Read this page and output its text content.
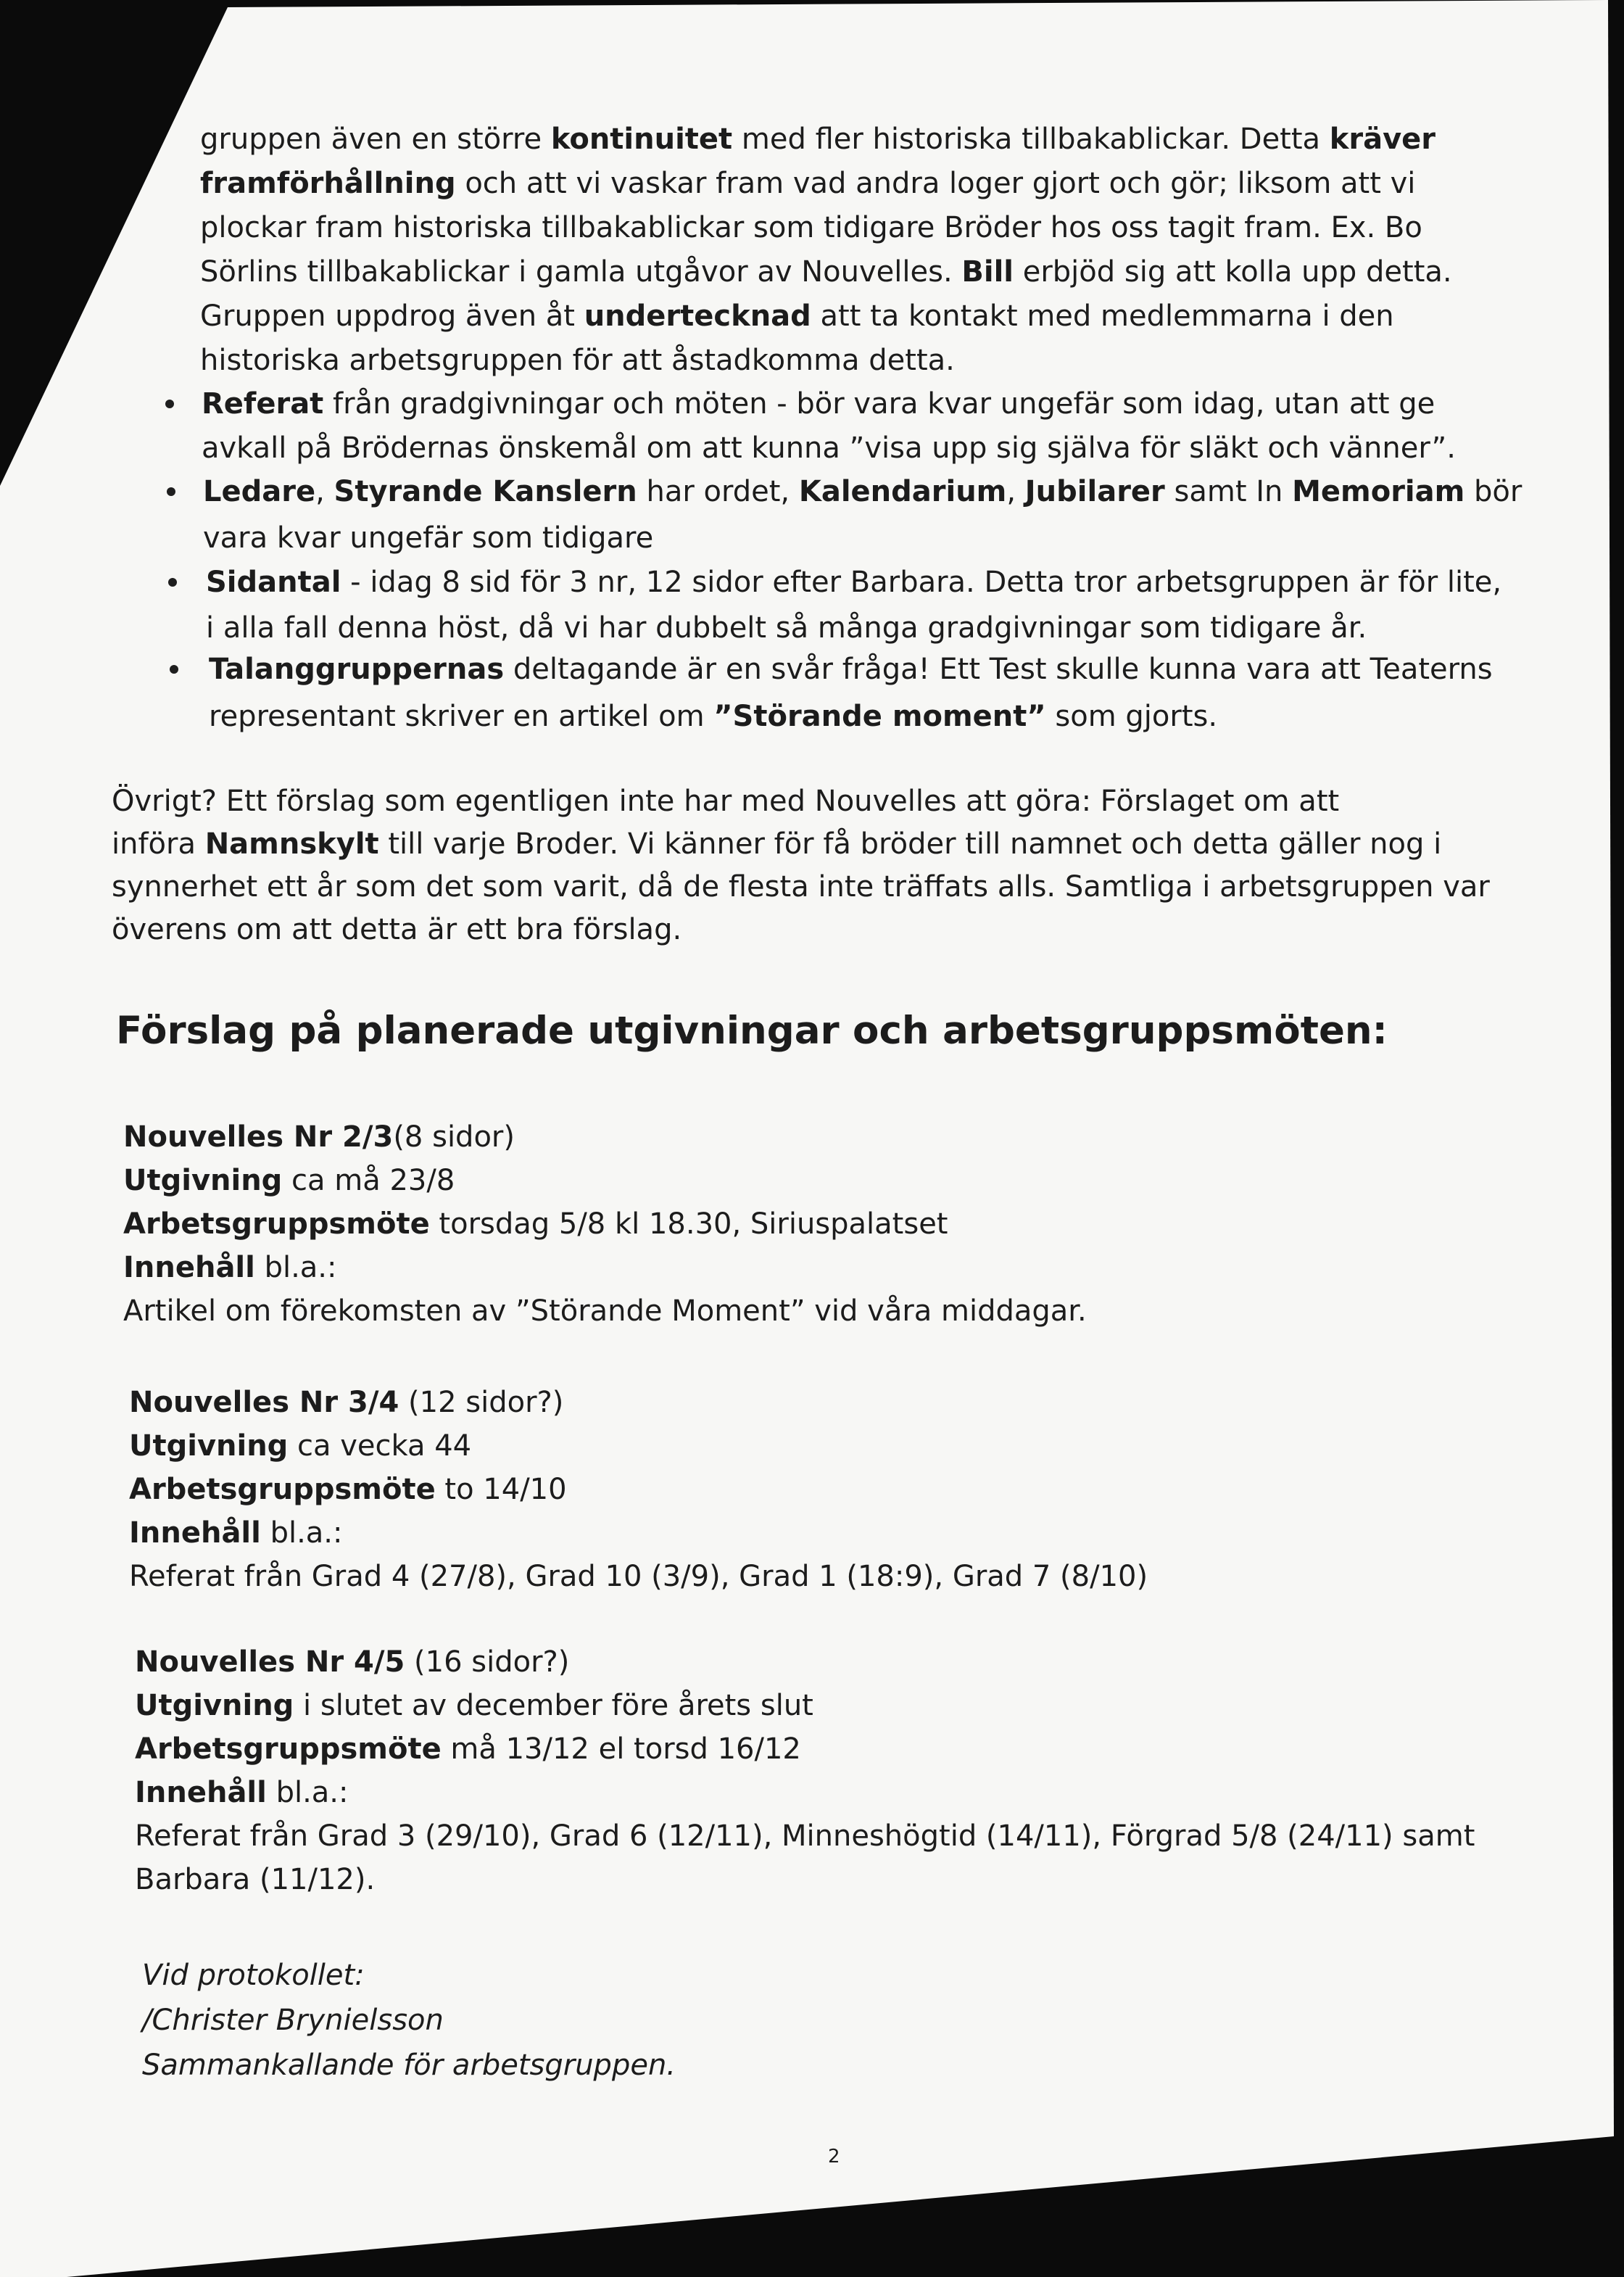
gruppen även en större kontinuitet med fler historiska tillbakablickar. Detta kräver
framförhållning och att vi vaskar fram vad andra loger gjort och gör; liksom att vi
plockar fram historiska tillbakablickar som tidigare Bröder hos oss tagit fram. Ex. Bo
Sörlins tillbakablickar i gamla utgåvor av Nouvelles. Bill erbjöd sig att kolla upp detta.
Gruppen uppdrog även åt undertecknad att ta kontakt med medlemmarna i den
historiska arbetsgruppen för att åstadkomma detta.
Referat från gradgivningar och möten - bör vara kvar ungefär som idag, utan att ge
avkall på Brödernas önskemål om att kunna ”visa upp sig själva för släkt och vänner”.
Ledare, Styrande Kanslern har ordet, Kalendarium, Jubilarer samt In Memoriam bör
vara kvar ungefär som tidigare
Sidantal - idag 8 sid för 3 nr, 12 sidor efter Barbara. Detta tror arbetsgruppen är för lite,
i alla fall denna höst, då vi har dubbelt så många gradgivningar som tidigare år.
Talanggruppernas deltagande är en svår fråga! Ett Test skulle kunna vara att Teaterns
representant skriver en artikel om ”Störande moment” som gjorts.
Övrigt? Ett förslag som egentligen inte har med Nouvelles att göra: Förslaget om att
införa Namnskylt till varje Broder. Vi känner för få bröder till namnet och detta gäller nog i
synnerhet ett år som det som varit, då de flesta inte träffats alls. Samtliga i arbetsgruppen var
överens om att detta är ett bra förslag.
Förslag på planerade utgivningar och arbetsgruppsmöten:
Nouvelles Nr 2/3(8 sidor)
Utgivning ca må 23/8
Arbetsgruppsmöte torsdag 5/8 kl 18.30, Siriuspalatset
Innehåll bl.a.:
Artikel om förekomsten av ”Störande Moment” vid våra middagar.
Nouvelles Nr 3/4 (12 sidor?)
Utgivning ca vecka 44
Arbetsgruppsmöte to 14/10
Innehåll bl.a.:
Referat från Grad 4 (27/8), Grad 10 (3/9), Grad 1 (18:9), Grad 7 (8/10)
Nouvelles Nr 4/5 (16 sidor?)
Utgivning i slutet av december före årets slut
Arbetsgruppsmöte må 13/12 el torsd 16/12
Innehåll bl.a.:
Referat från Grad 3 (29/10), Grad 6 (12/11), Minneshögtid (14/11), Förgrad 5/8 (24/11) samt
Barbara (11/12).
Vid protokollet:
/Christer Brynielsson
Sammankallande för arbetsgruppen.
2
